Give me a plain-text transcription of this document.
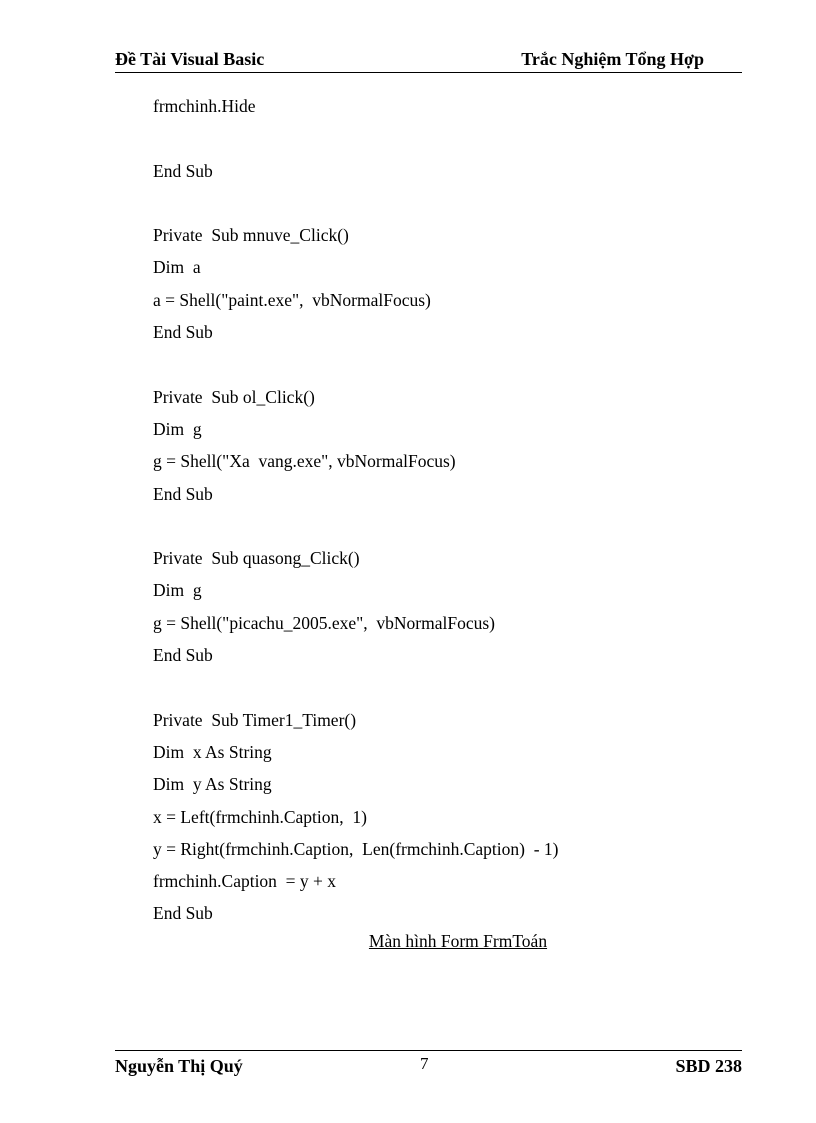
Đề Tài Visual Basic	Trắc Nghiệm Tổng Hợp
frmchinh.Hide
End Sub
Private  Sub mnuve_Click()
Dim  a
a = Shell("paint.exe",  vbNormalFocus)
End Sub
Private  Sub ol_Click()
Dim  g
g = Shell("Xa  vang.exe", vbNormalFocus)
End Sub
Private  Sub quasong_Click()
Dim  g
g = Shell("picachu_2005.exe",  vbNormalFocus)
End Sub
Private  Sub Timer1_Timer()
Dim  x As String
Dim  y As String
x = Left(frmchinh.Caption,  1)
y = Right(frmchinh.Caption,  Len(frmchinh.Caption)  - 1)
frmchinh.Caption  = y + x
End Sub
Màn hình Form FrmToán
Nguyễn Thị Quý	7	SBD 238
